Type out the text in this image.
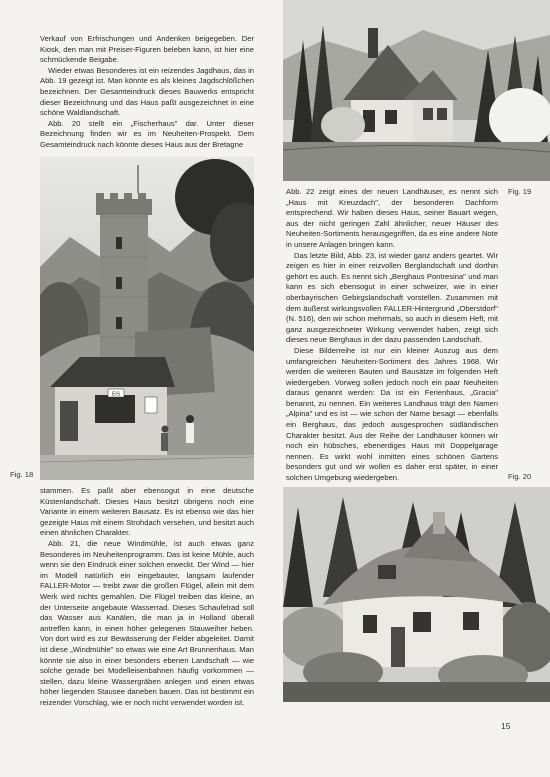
Verkauf von Erfrischungen und Andenken beigegeben. Der Kiosk, den man mit Preiser-Figuren beleben kann, ist hier eine schmückende Beigabe.

Wieder etwas Besonderes ist ein reizendes Jagdhaus, das in Abb. 19 gezeigt ist. Man könnte es als kleines Jagdschlößchen bezeichnen. Der Gesamteindruck dieses Bauwerks entspricht dieser Bezeichnung und das Haus paßt ausgezeichnet in eine schöne Waldlandschaft.

Abb. 20 stellt ein „Fischerhaus" dar. Unter dieser Bezeichnung finden wir es im Neuheiten-Prospekt. Dem Gesamteindruck nach könnte dieses Haus aus der Bretagne

EIS
Fig. 18

stammen. Es paßt aber ebensogut in eine deutsche Küstenlandschaft. Dieses Haus besitzt übrigens noch eine Variante in einem weiteren Bausatz. Es ist ebenso wie das hier gezeigte Haus mit einem Strohdach versehen, und besitzt auch einen ähnlichen Charakter.

Abb. 21, die neue Windmühle, ist auch etwas ganz Besonderes im Neuheitenprogramm. Das ist keine Mühle, auch wenn sie den Eindruck einer solchen erweckt. Der Wind — hier im Modell natürlich ein eingebauter, langsam laufender FALLER-Motor — treibt zwar die großen Flügel, allein mit dem Werk wird nichts gemahlen. Die Flügel treiben das kleine, an der Unterseite angebaute Wasserrad. Dieses Schaufelrad soll das Wasser aus Kanälen, die man ja in Holland überall antreffen kann, in einen höher gelegenen Stauweiher heben. Von dort wird es zur Bewässerung der Felder abgeleitet. Damit ist diese „Windmühle" so etwas wie eine Art Brunnenhaus. Man könnte sie also in einer besonders ebenen Landschaft — wie solche gerade bei Modelleisenbahnen häufig vorkommen — stellen, dazu kleine Wassergräben anlegen und einen etwas höher liegenden Stausee daneben bauen. Das ist bestimmt ein reizender Vorschlag, wie er noch nicht verwendet worden ist.

Fig. 19

Abb. 22 zeigt eines der neuen Landhäuser, es nennt sich „Haus mit Kreuzdach", der besonderen Dachform entsprechend. Wir haben dieses Haus, seiner Bauart wegen, aus der nicht geringen Zahl ähnlicher, neuer Häuser des Neuheiten-Sortiments herausgegriffen, da es eine andere Note in unsere Anlagen bringen kann.

Das letzte Bild, Abb. 23, ist wieder ganz anders geartet. Wir zeigen es hier in einer reizvollen Berglandschaft und dorthin gehört es auch. Es nennt sich „Berghaus Pontresina" und man kann es sich ebensogut in einer schweizer, wie in einer oberbayrischen Gebirgslandschaft vorstellen. Zusammen mit dem äußerst wirkungsvollen FALLER-Hintergrund „Oberstdorf" (N. 516), den wir schon mehrmals, so auch in diesem Heft, mit ganz ausgezeichneter Wirkung verwendet haben, zeigt sich dieses neue Berghaus in der dazu passenden Landschaft.

Diese Bilderreihe ist nur ein kleiner Auszug aus dem umfangreichen Neuheiten-Sortiment des Jahres 1968. Wir werden die weiteren Bauten und Bausätze im folgenden Heft wiedergeben. Vorweg sollen jedoch noch ein paar Neuheiten daraus genannt werden: Da ist ein Ferienhaus, „Gracia" benannt, zu nennen. Ein weiteres Landhaus trägt den Namen „Alpina" und es ist — wie schon der Name besagt — ebenfalls ein Berghaus, das jedoch ausgesprochen südländischen Charakter besitzt. Aus der Reihe der Landhäuser können wir noch ein hübsches, ebenerdiges Haus mit Doppelgarage nennen. Es wirkt wohl inmitten eines schönen Gartens besonders gut und wir wollen es daher erst später, in einer solchen Umgebung wiedergeben.	Fig. 20
15
